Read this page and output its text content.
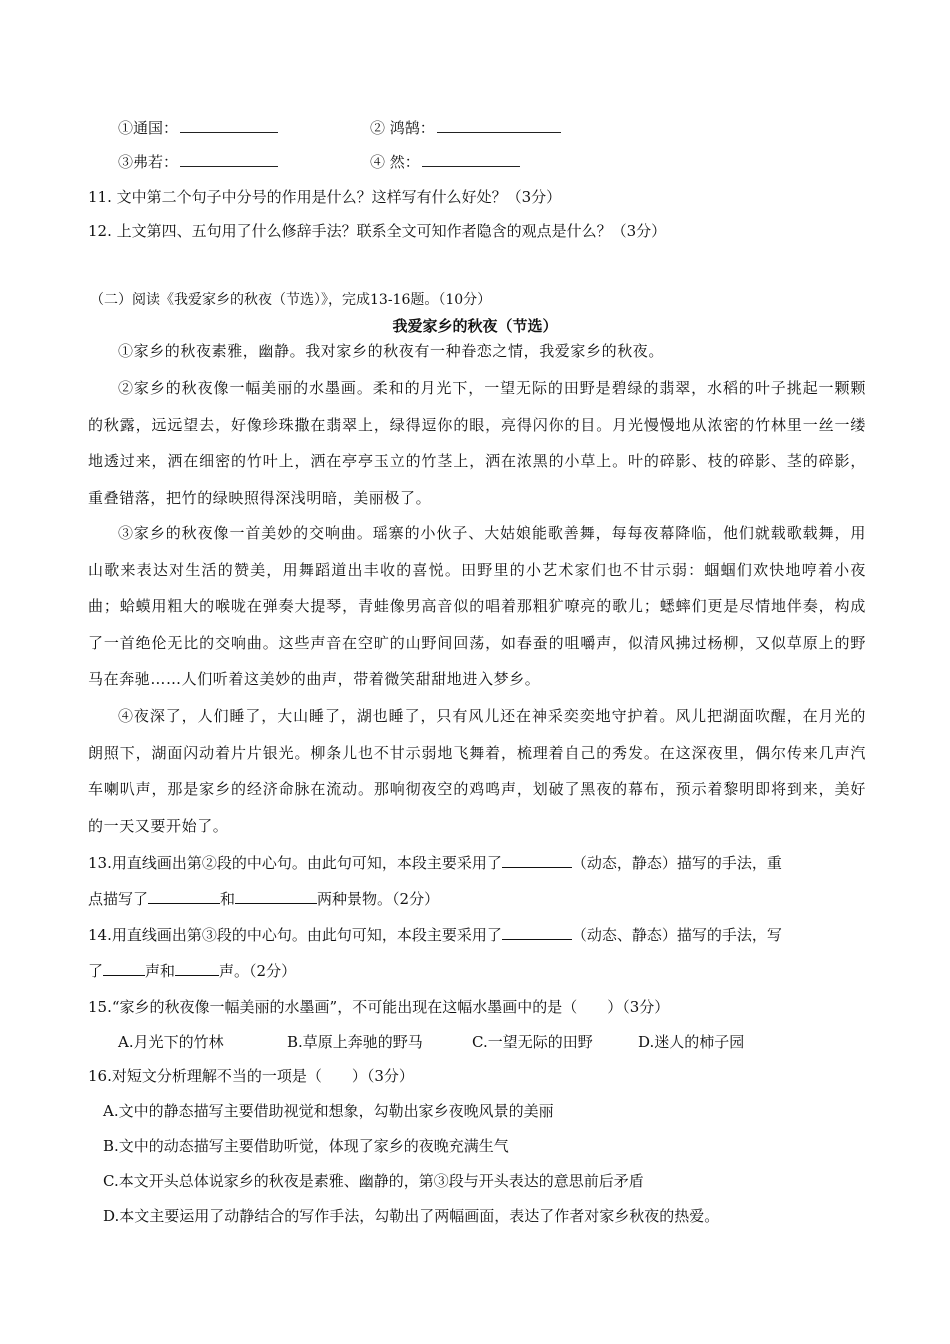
①通国：	② 鸿鹄：
③弗若：	④ 然：
11. 文中第二个句子中分号的作用是什么？这样写有什么好处？（3分）
12. 上文第四、五句用了什么修辞手法？联系全文可知作者隐含的观点是什么？（3分）
（二）阅读《我爱家乡的秋夜（节选）》，完成13-16题。（10分）
我爱家乡的秋夜（节选）
①家乡的秋夜素雅，幽静。我对家乡的秋夜有一种眷恋之情，我爱家乡的秋夜。
②家乡的秋夜像一幅美丽的水墨画。柔和的月光下，一望无际的田野是碧绿的翡翠，水稻的叶子挑起一颗颗的秋露，远远望去，好像珍珠撒在翡翠上，绿得逗你的眼，亮得闪你的目。月光慢慢地从浓密的竹林里一丝一缕地透过来，洒在细密的竹叶上，洒在亭亭玉立的竹茎上，洒在浓黑的小草上。叶的碎影、枝的碎影、茎的碎影，重叠错落，把竹的绿映照得深浅明暗，美丽极了。
③家乡的秋夜像一首美妙的交响曲。瑶寨的小伙子、大姑娘能歌善舞，每每夜幕降临，他们就载歌载舞，用山歌来表达对生活的赞美，用舞蹈道出丰收的喜悦。田野里的小艺术家们也不甘示弱：蝈蝈们欢快地哼着小夜曲；蛤蟆用粗大的喉咙在弹奏大提琴，青蛙像男高音似的唱着那粗犷嘹亮的歌儿；蟋蟀们更是尽情地伴奏，构成了一首绝伦无比的交响曲。这些声音在空旷的山野间回荡，如春蚕的咀嚼声，似清风拂过杨柳，又似草原上的野马在奔驰……人们听着这美妙的曲声，带着微笑甜甜地进入梦乡。
④夜深了，人们睡了，大山睡了，湖也睡了，只有风儿还在神采奕奕地守护着。风儿把湖面吹醒，在月光的朗照下，湖面闪动着片片银光。柳条儿也不甘示弱地飞舞着，梳理着自己的秀发。在这深夜里，偶尔传来几声汽车喇叭声，那是家乡的经济命脉在流动。那响彻夜空的鸡鸣声，划破了黑夜的幕布，预示着黎明即将到来，美好的一天又要开始了。
13.用直线画出第②段的中心句。由此句可知，本段主要采用了	（动态，静态）描写的手法，重
点描写了	和	两种景物。（2分）
14.用直线画出第③段的中心句。由此句可知，本段主要采用了	（动态、静态）描写的手法，写
了	声和	声。（2分）
15.“家乡的秋夜像一幅美丽的水墨画”，不可能出现在这幅水墨画中的是（　　）（3分）
A.月光下的竹林	B.草原上奔驰的野马	C.一望无际的田野	D.迷人的柿子园
16.对短文分析理解不当的一项是（　　）（3分）
A.文中的静态描写主要借助视觉和想象，勾勒出家乡夜晚风景的美丽
B.文中的动态描写主要借助听觉，体现了家乡的夜晚充满生气
C.本文开头总体说家乡的秋夜是素雅、幽静的，第③段与开头表达的意思前后矛盾
D.本文主要运用了动静结合的写作手法，勾勒出了两幅画面，表达了作者对家乡秋夜的热爱。
